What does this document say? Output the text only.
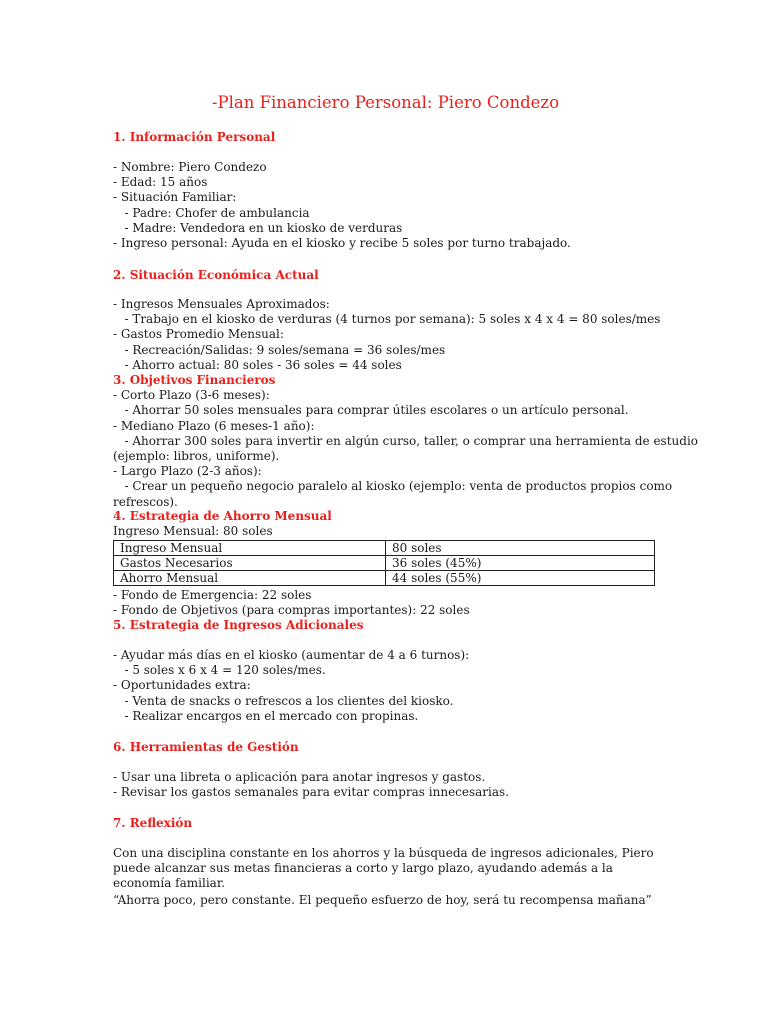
-Plan Financiero Personal: Piero Condezo
1. Información Personal
- Nombre: Piero Condezo
- Edad: 15 años
- Situación Familiar:
- Padre: Chofer de ambulancia
- Madre: Vendedora en un kiosko de verduras
- Ingreso personal: Ayuda en el kiosko y recibe 5 soles por turno trabajado.
2. Situación Económica Actual
- Ingresos Mensuales Aproximados:
- Trabajo en el kiosko de verduras (4 turnos por semana): 5 soles x 4 x 4 = 80 soles/mes
- Gastos Promedio Mensual:
- Recreación/Salidas: 9 soles/semana = 36 soles/mes
- Ahorro actual: 80 soles - 36 soles = 44 soles
3. Objetivos Financieros
- Corto Plazo (3-6 meses):
- Ahorrar 50 soles mensuales para comprar útiles escolares o un artículo personal.
- Mediano Plazo (6 meses-1 año):
- Ahorrar 300 soles para invertir en algún curso, taller, o comprar una herramienta de estudio
(ejemplo: libros, uniforme).
- Largo Plazo (2-3 años):
- Crear un pequeño negocio paralelo al kiosko (ejemplo: venta de productos propios como
refrescos).
4. Estrategia de Ahorro Mensual
Ingreso Mensual: 80 soles
Ingreso Mensual	80 soles
Gastos Necesarios	36 soles (45%)
Ahorro Mensual	44 soles (55%)
- Fondo de Emergencia: 22 soles
- Fondo de Objetivos (para compras importantes): 22 soles
5. Estrategia de Ingresos Adicionales
- Ayudar más días en el kiosko (aumentar de 4 a 6 turnos):
- 5 soles x 6 x 4 = 120 soles/mes.
- Oportunidades extra:
- Venta de snacks o refrescos a los clientes del kiosko.
- Realizar encargos en el mercado con propinas.
6. Herramientas de Gestión
- Usar una libreta o aplicación para anotar ingresos y gastos.
- Revisar los gastos semanales para evitar compras innecesarias.
7. Reflexión
Con una disciplina constante en los ahorros y la búsqueda de ingresos adicionales, Piero puede alcanzar sus metas financieras a corto y largo plazo, ayudando además a la economía familiar.
“Ahorra poco, pero constante. El pequeño esfuerzo de hoy, será tu recompensa mañana”
